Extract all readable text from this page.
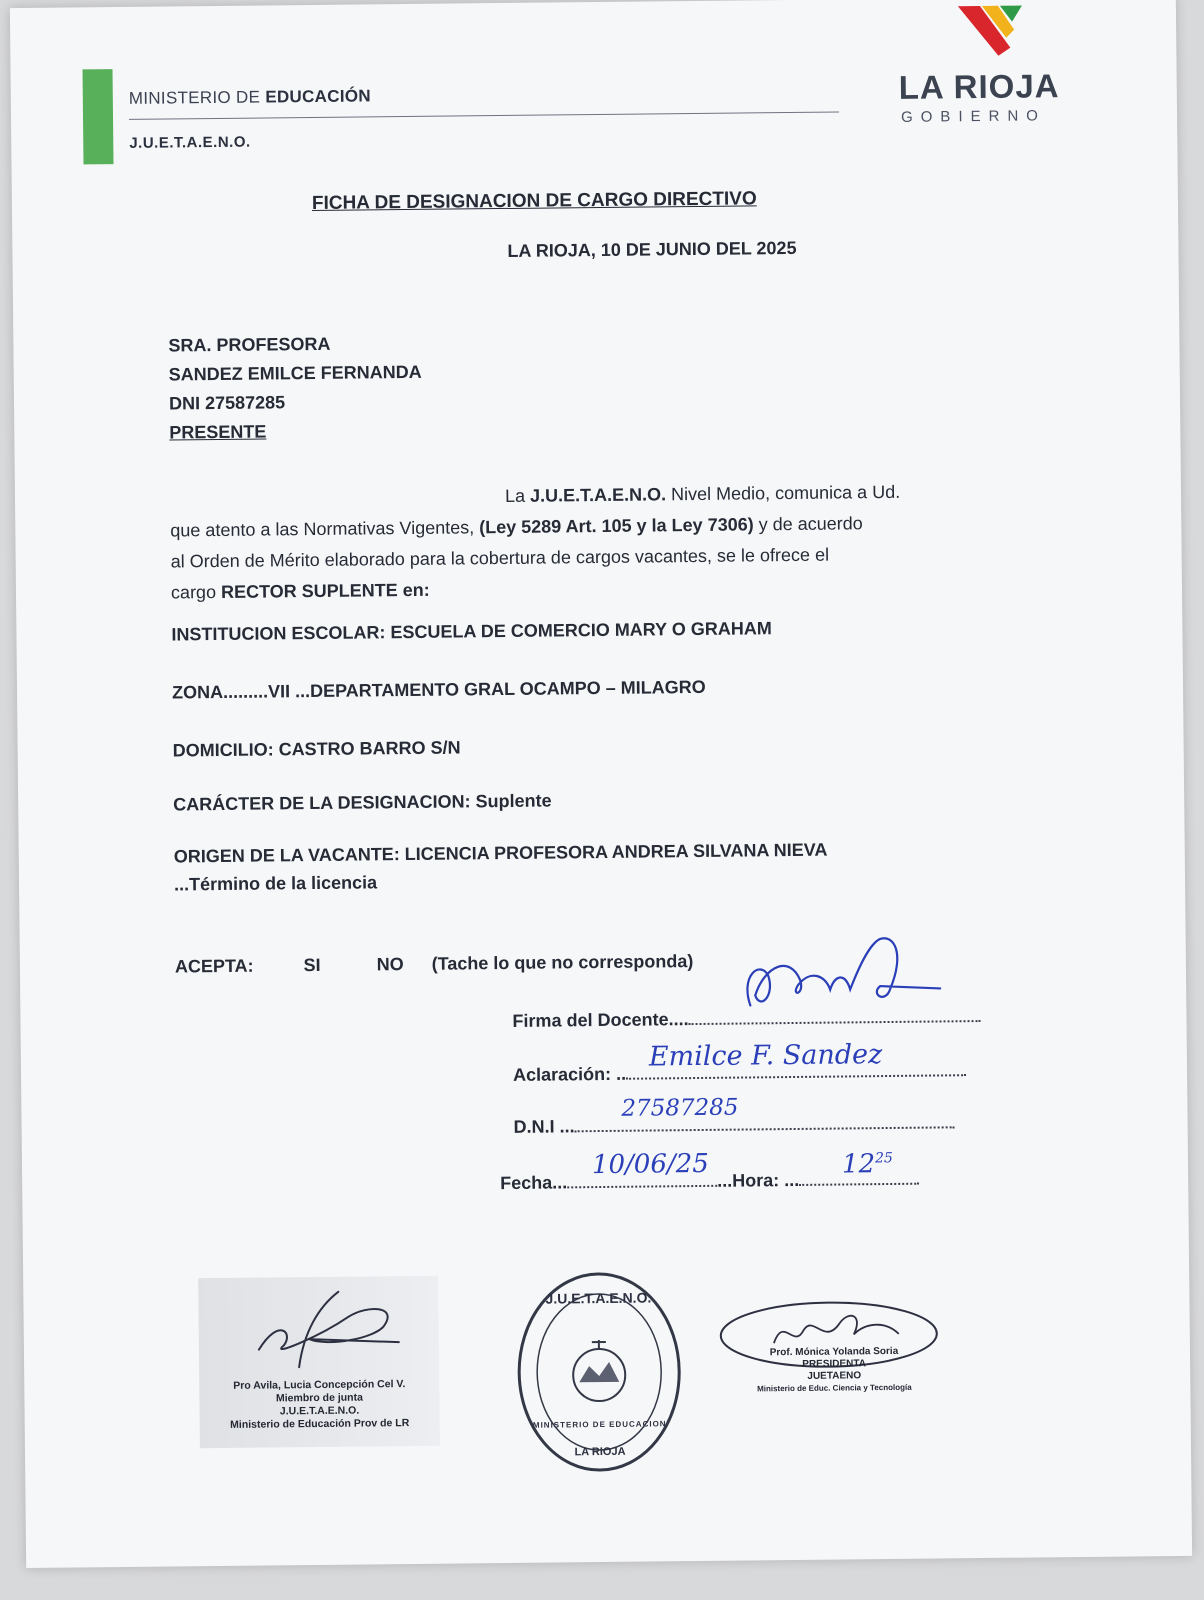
MINISTERIO DE EDUCACIÓN
J.U.E.T.A.E.N.O.
LA RIOJA
GOBIERNO
FICHA DE DESIGNACION DE CARGO DIRECTIVO
LA RIOJA, 10 DE JUNIO DEL 2025
SRA. PROFESORA
SANDEZ EMILCE FERNANDA
DNI 27587285
PRESENTE
La J.U.E.T.A.E.N.O. Nivel Medio, comunica a Ud.
que atento a las Normativas Vigentes, (Ley 5289 Art. 105 y la Ley 7306) y de acuerdo
al Orden de Mérito elaborado para la cobertura de cargos vacantes, se le ofrece el
cargo RECTOR SUPLENTE en:
INSTITUCION ESCOLAR: ESCUELA DE COMERCIO MARY O GRAHAM
ZONA.........VII ...DEPARTAMENTO GRAL OCAMPO – MILAGRO
DOMICILIO: CASTRO BARRO S/N
CARÁCTER DE LA DESIGNACION: Suplente
ORIGEN DE LA VACANTE: LICENCIA PROFESORA ANDREA SILVANA NIEVA
...Término de la licencia
ACEPTA:	SI	NO (Tache lo que no corresponda)
Firma del Docente....
Aclaración: ..
Emilce F. Sandez
D.N.I ...
27587285
Fecha...	...Hora: ...
10/06/25	$12^{25}$
Pro Avila, Lucia Concepción Cel V.
Miembro de junta
J.U.E.T.A.E.N.O.
Ministerio de Educación Prov de LR
J.U.E.T.A.E.N.O.
MINISTERIO DE EDUCACION
LA RIOJA
Prof. Mónica Yolanda Soria
PRESIDENTA
JUETAENO
Ministerio de Educ. Ciencia y Tecnología
